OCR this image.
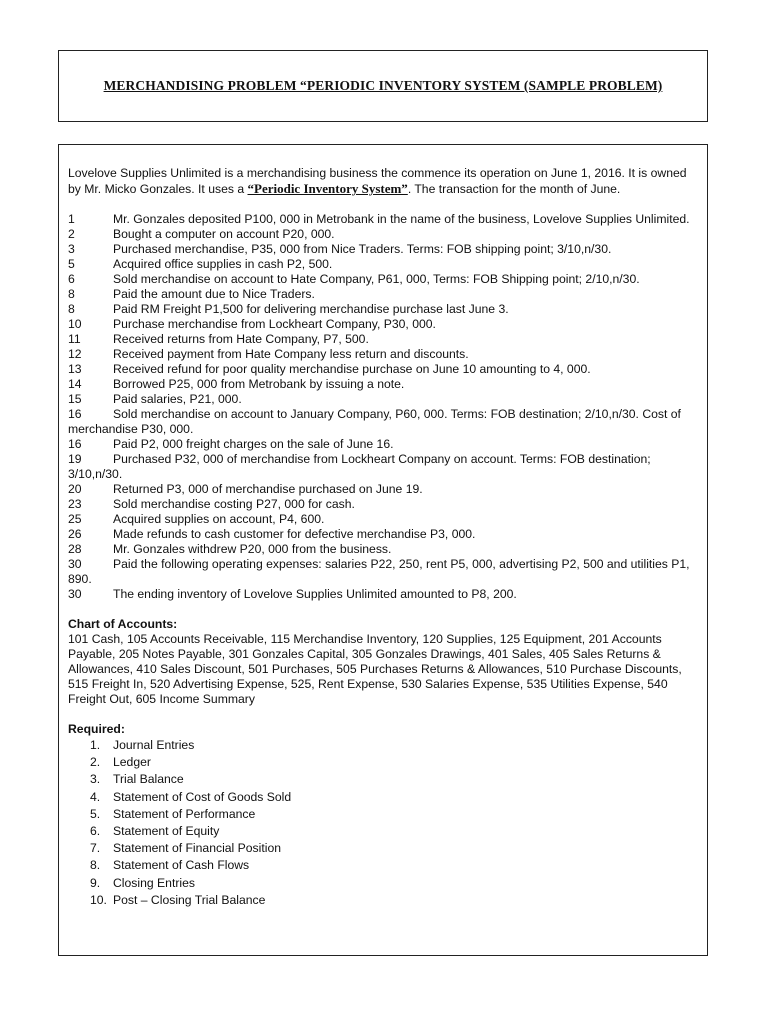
MERCHANDISING PROBLEM “PERIODIC INVENTORY SYSTEM (SAMPLE PROBLEM)

Lovelove Supplies Unlimited is a merchandising business the commence its operation on June 1, 2016. It is owned by Mr. Micko Gonzales. It uses a “Periodic Inventory System”. The transaction for the month of June.

1	Mr. Gonzales deposited P100, 000 in Metrobank in the name of the business, Lovelove Supplies Unlimited.
2	Bought a computer on account P20, 000.
3	Purchased merchandise, P35, 000 from Nice Traders. Terms: FOB shipping point; 3/10,n/30.
5	Acquired office supplies in cash P2, 500.
6	Sold merchandise on account to Hate Company, P61, 000, Terms: FOB Shipping point; 2/10,n/30.
8	Paid the amount due to Nice Traders.
8	Paid RM Freight P1,500 for delivering merchandise purchase last June 3.
10	Purchase merchandise from Lockheart Company, P30, 000.
11	Received returns from Hate Company, P7, 500.
12	Received payment from Hate Company less return and discounts.
13	Received refund for poor quality merchandise purchase on June 10 amounting to 4, 000.
14	Borrowed P25, 000 from Metrobank by issuing a note.
15	Paid salaries, P21, 000.
16	Sold merchandise on account to January Company, P60, 000. Terms: FOB destination; 2/10,n/30. Cost of merchandise P30, 000.
16	Paid P2, 000 freight charges on the sale of June 16.
19	Purchased P32, 000 of merchandise from Lockheart Company on account. Terms: FOB destination; 3/10,n/30.
20	Returned P3, 000 of merchandise purchased on June 19.
23	Sold merchandise costing P27, 000 for cash.
25	Acquired supplies on account, P4, 600.
26	Made refunds to cash customer for defective merchandise P3, 000.
28	Mr. Gonzales withdrew P20, 000 from the business.
30	Paid the following operating expenses: salaries P22, 250, rent P5, 000, advertising P2, 500 and utilities P1, 890.
30	The ending inventory of Lovelove Supplies Unlimited amounted to P8, 200.
Chart of Accounts:

101 Cash, 105 Accounts Receivable, 115 Merchandise Inventory, 120 Supplies, 125 Equipment, 201 Accounts Payable, 205 Notes Payable, 301 Gonzales Capital, 305 Gonzales Drawings, 401 Sales, 405 Sales Returns & Allowances, 410 Sales Discount, 501 Purchases, 505 Purchases Returns & Allowances, 510 Purchase Discounts, 515 Freight In, 520 Advertising Expense, 525, Rent Expense, 530 Salaries Expense, 535 Utilities Expense, 540 Freight Out, 605 Income Summary

Required:
1. Journal Entries
2. Ledger
3. Trial Balance
4. Statement of Cost of Goods Sold
5. Statement of Performance
6. Statement of Equity
7. Statement of Financial Position
8. Statement of Cash Flows
9. Closing Entries
10. Post – Closing Trial Balance
